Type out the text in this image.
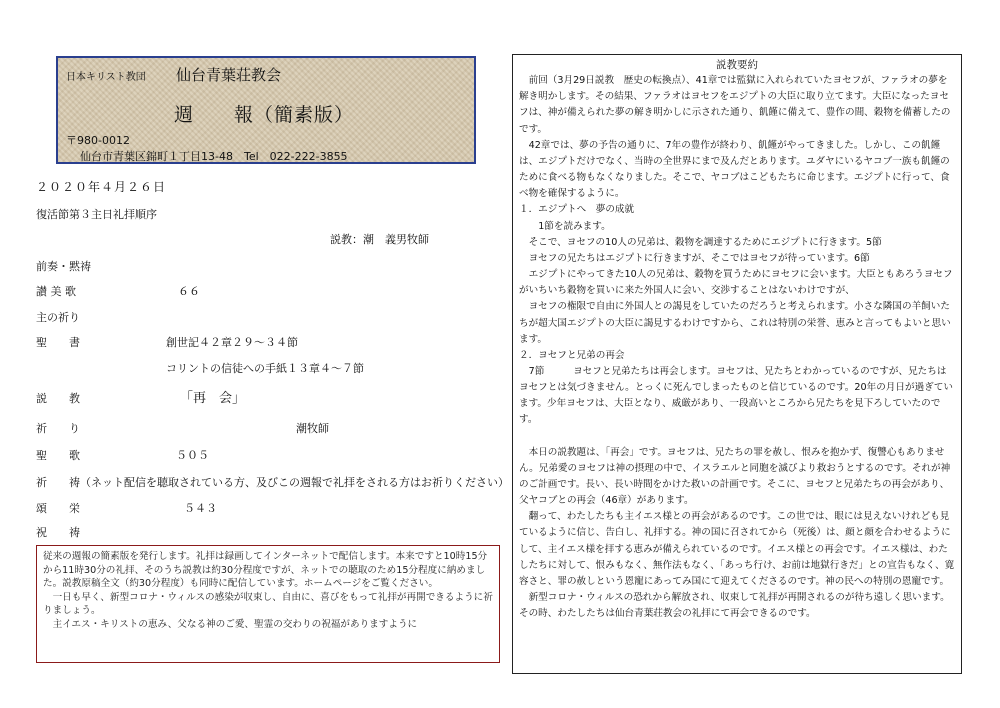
日本キリスト教団 仙台青葉荘教会
週　　報（簡素版）
〒980-0012
仙台市青葉区錦町１丁目13-48　Tel　022-222-3855
２０２０年４月２６日
復活節第３主日礼拝順序
説教：潮　義男牧師
前奏・黙祷
讃 美 歌	６６
主の祈り
聖　　書	創世記４２章２９～３４節
コリントの信徒への手紙１３章４～７節
説　　教	「再　会」
祈　　り	潮牧師
聖　　歌	５０５
祈　　祷（ネット配信を聴取されている方、及びこの週報で礼拝をされる方はお祈りください）
頌　　栄	５４３
祝　　祷

従来の週報の簡素版を発行します。礼拝は録画してインターネットで配信します。本来ですと10時15分から11時30分の礼拝、そのうち説教は約30分程度ですが、ネットでの聴取のため15分程度に納めました。説教原稿全文（約30分程度）も同時に配信しています。ホームページをご覧ください。

一日も早く、新型コロナ・ウィルスの感染が収束し、自由に、喜びをもって礼拝が再開できるように祈りましょう。

主イエス・キリストの恵み、父なる神のご愛、聖霊の交わりの祝福がありますように

説教要約

前回（3月29日説教　歴史の転換点）、41章では監獄に入れられていたヨセフが、ファラオの夢を解き明かします。その結果、ファラオはヨセフをエジプトの大臣に取り立てます。大臣になったヨセフは、神が備えられた夢の解き明かしに示された通り、飢饉に備えて、豊作の間、穀物を備蓄したのです。

42章では、夢の予告の通りに、7年の豊作が終わり、飢饉がやってきました。しかし、この飢饉は、エジプトだけでなく、当時の全世界にまで及んだとあります。ユダヤにいるヤコブ一族も飢饉のために食べる物もなくなりました。そこで、ヤコブはこどもたちに命じます。エジプトに行って、食べ物を確保するように。

１．エジプトへ　夢の成就

1節を読みます。

そこで、ヨセフの10人の兄弟は、穀物を調達するためにエジプトに行きます。5節

ヨセフの兄たちはエジプトに行きますが、そこではヨセフが待っています。6節

エジプトにやってきた10人の兄弟は、穀物を買うためにヨセフに会います。大臣ともあろうヨセフがいちいち穀物を買いに来た外国人に会い、交渉することはないわけですが、

ヨセフの権限で自由に外国人との謁見をしていたのだろうと考えられます。小さな隣国の羊飼いたちが超大国エジプトの大臣に謁見するわけですから、これは特別の栄誉、恵みと言ってもよいと思います。

２．ヨセフと兄弟の再会

7節　　　ヨセフと兄弟たちは再会します。ヨセフは、兄たちとわかっているのですが、兄たちはヨセフとは気づきません。とっくに死んでしまったものと信じているのです。20年の月日が過ぎています。少年ヨセフは、大臣となり、威厳があり、一段高いところから兄たちを見下ろしていたのです。

本日の説教題は、「再会」です。ヨセフは、兄たちの罪を赦し、恨みを抱かず、復讐心もありません。兄弟愛のヨセフは神の摂理の中で、イスラエルと同胞を滅びより救おうとするのです。それが神のご計画です。長い、長い時間をかけた救いの計画です。そこに、ヨセフと兄弟たちの再会があり、父ヤコブとの再会（46章）があります。

翻って、わたしたちも主イエス様との再会があるのです。この世では、眼には見えないけれども見ているように信じ、告白し、礼拝する。神の国に召されてから（死後）は、顔と顔を合わせるようにして、主イエス様を拝する恵みが備えられているのです。イエス様との再会です。イエス様は、わたしたちに対して、恨みもなく、無作法もなく、「あっち行け、お前は地獄行きだ」との宣告もなく、寛容さと、罪の赦しという恩寵にあってみ国にて迎えてくださるのです。神の民への特別の恩寵です。

新型コロナ・ウィルスの恐れから解放され、収束して礼拝が再開されるのが待ち遠しく思います。その時、わたしたちは仙台青葉荘教会の礼拝にて再会できるのです。
